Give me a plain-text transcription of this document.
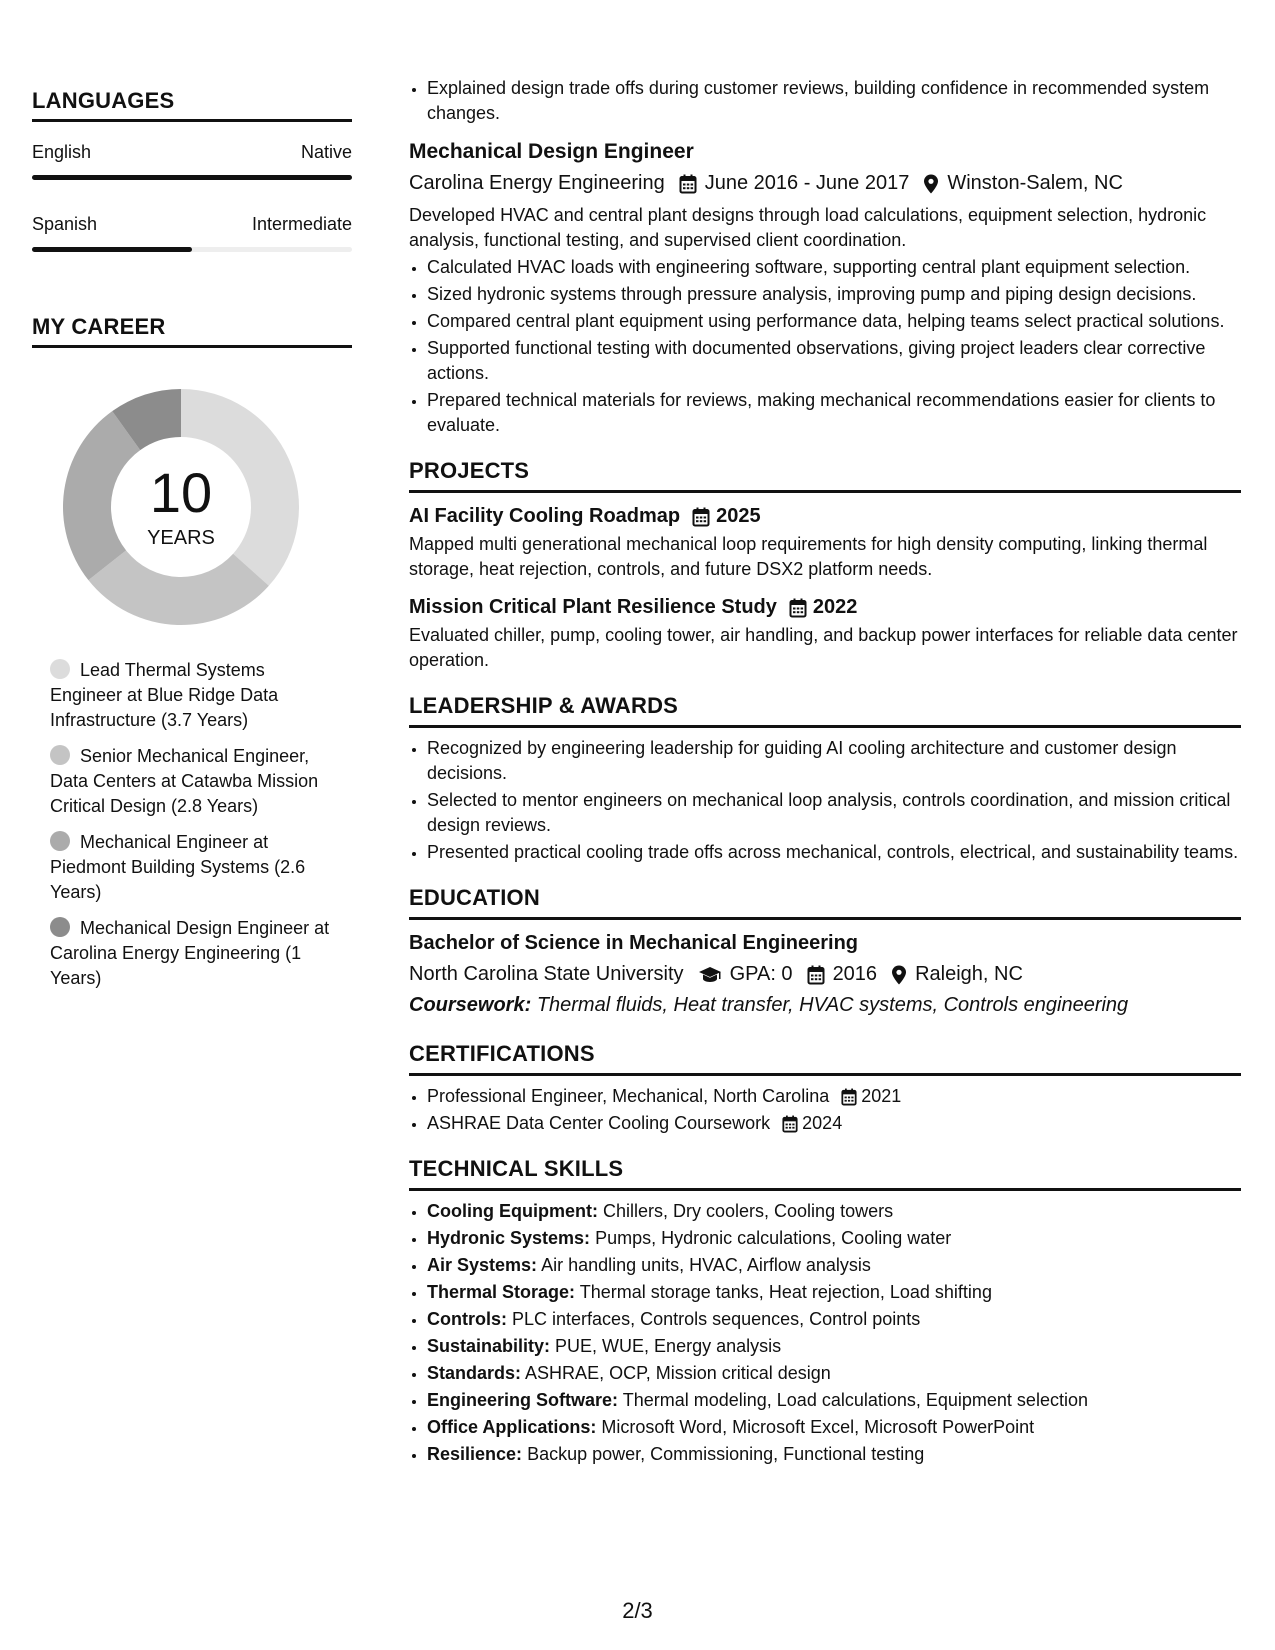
LANGUAGES
English	Native
Spanish	Intermediate
MY CAREER
10
YEARS
Lead Thermal Systems Engineer at Blue Ridge Data Infrastructure (3.7 Years)
Senior Mechanical Engineer, Data Centers at Catawba Mission Critical Design (2.8 Years)
Mechanical Engineer at Piedmont Building Systems (2.6 Years)
Mechanical Design Engineer at Carolina Energy Engineering (1 Years)
• Explained design trade offs during customer reviews, building confidence in recommended system changes.
Mechanical Design Engineer
Carolina Energy Engineering June 2016 - June 2017 Winston-Salem, NC
Developed HVAC and central plant designs through load calculations, equipment selection, hydronic analysis, functional testing, and supervised client coordination.
• Calculated HVAC loads with engineering software, supporting central plant equipment selection.
• Sized hydronic systems through pressure analysis, improving pump and piping design decisions.
• Compared central plant equipment using performance data, helping teams select practical solutions.
• Supported functional testing with documented observations, giving project leaders clear corrective actions.
• Prepared technical materials for reviews, making mechanical recommendations easier for clients to evaluate.
PROJECTS
AI Facility Cooling Roadmap 2025
Mapped multi generational mechanical loop requirements for high density computing, linking thermal storage, heat rejection, controls, and future DSX2 platform needs.
Mission Critical Plant Resilience Study 2022
Evaluated chiller, pump, cooling tower, air handling, and backup power interfaces for reliable data center operation.
LEADERSHIP & AWARDS
• Recognized by engineering leadership for guiding AI cooling architecture and customer design decisions.
• Selected to mentor engineers on mechanical loop analysis, controls coordination, and mission critical design reviews.
• Presented practical cooling trade offs across mechanical, controls, electrical, and sustainability teams.
EDUCATION
Bachelor of Science in Mechanical Engineering
North Carolina State University GPA: 0 2016 Raleigh, NC
Coursework: Thermal fluids, Heat transfer, HVAC systems, Controls engineering
CERTIFICATIONS
• Professional Engineer, Mechanical, North Carolina 2021
• ASHRAE Data Center Cooling Coursework 2024
TECHNICAL SKILLS
• Cooling Equipment: Chillers, Dry coolers, Cooling towers
• Hydronic Systems: Pumps, Hydronic calculations, Cooling water
• Air Systems: Air handling units, HVAC, Airflow analysis
• Thermal Storage: Thermal storage tanks, Heat rejection, Load shifting
• Controls: PLC interfaces, Controls sequences, Control points
• Sustainability: PUE, WUE, Energy analysis
• Standards: ASHRAE, OCP, Mission critical design
• Engineering Software: Thermal modeling, Load calculations, Equipment selection
• Office Applications: Microsoft Word, Microsoft Excel, Microsoft PowerPoint
• Resilience: Backup power, Commissioning, Functional testing
2/3
